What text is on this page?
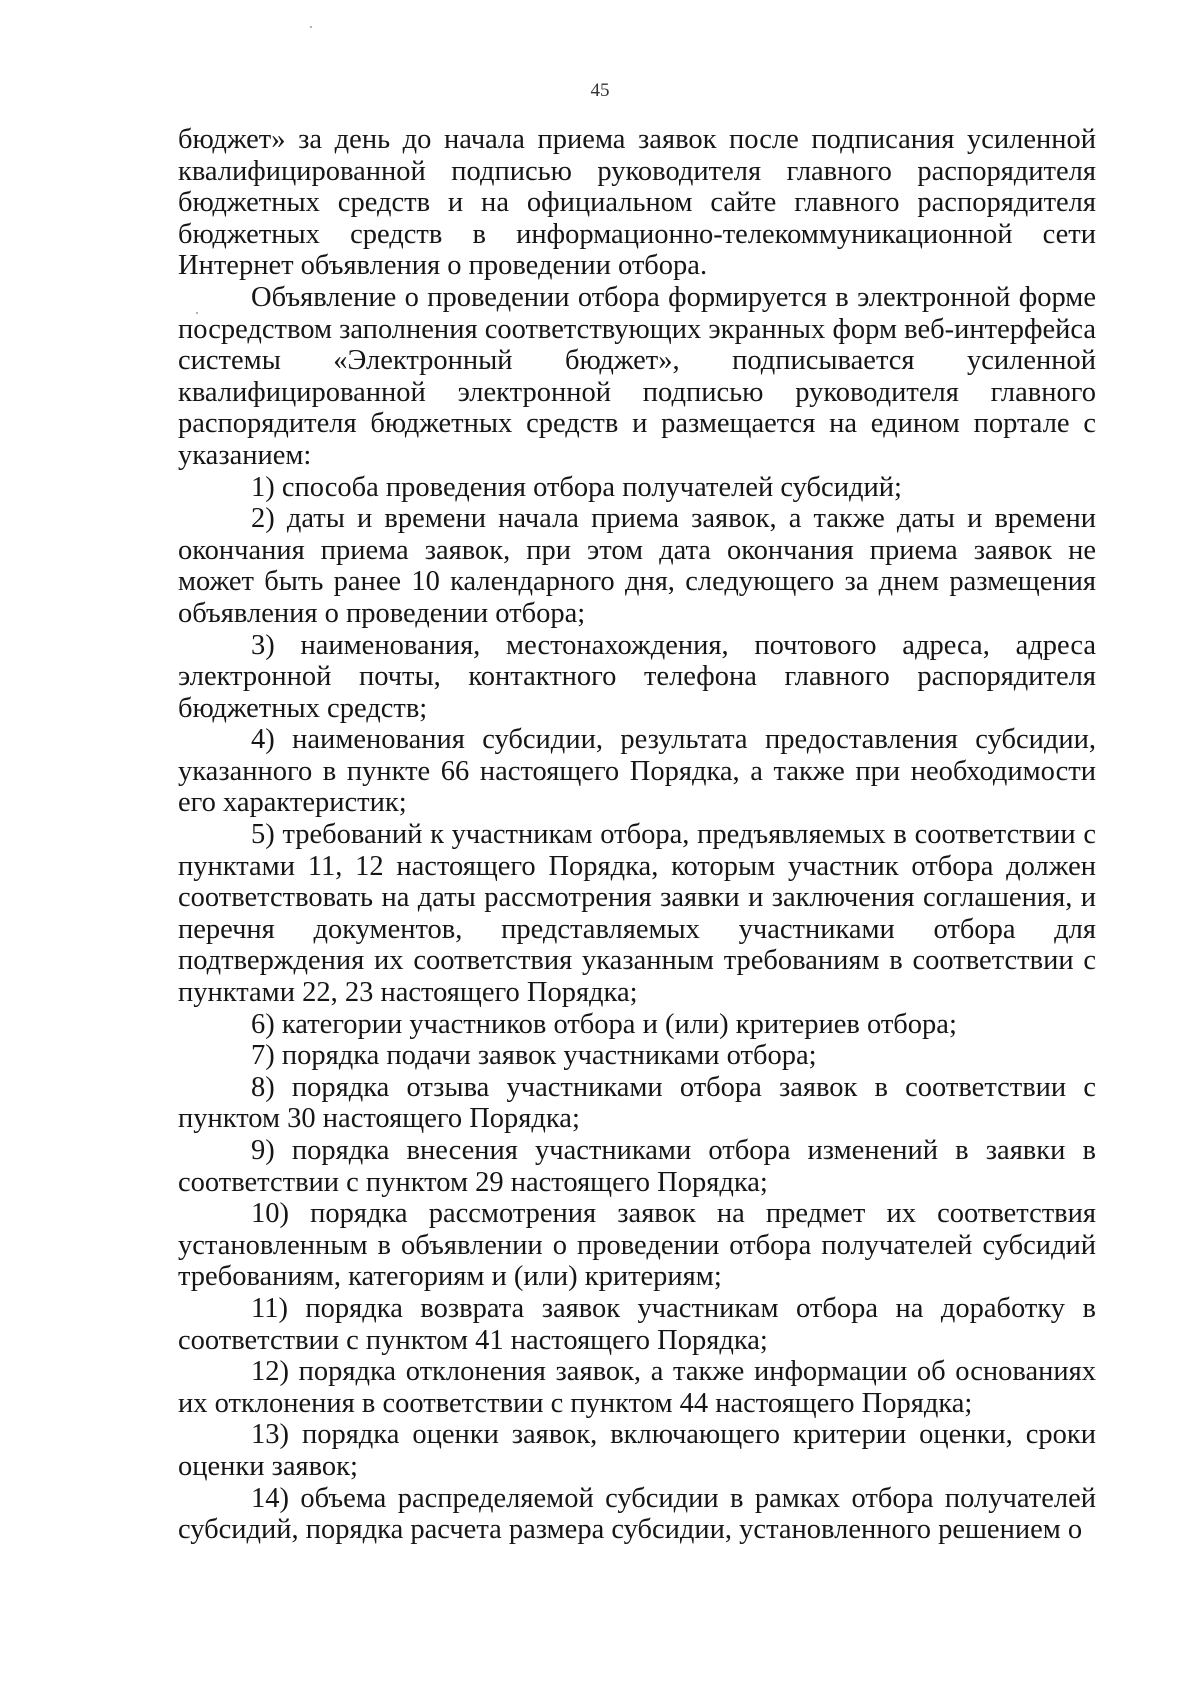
45

бюджет» за день до начала приема заявок после подписания усиленной квалифицированной подписью руководителя главного распорядителя бюджетных средств и на официальном сайте главного распорядителя бюджетных средств в информационно-телекоммуникационной сети Интернет объявления о проведении отбора.

Объявление о проведении отбора формируется в электронной форме посредством заполнения соответствующих экранных форм веб-интерфейса системы «Электронный бюджет», подписывается усиленной квалифицированной электронной подписью руководителя главного распорядителя бюджетных средств и размещается на едином портале с указанием:

1) способа проведения отбора получателей субсидий;

2) даты и времени начала приема заявок, а также даты и времени окончания приема заявок, при этом дата окончания приема заявок не может быть ранее 10 календарного дня, следующего за днем размещения объявления о проведении отбора;

3) наименования, местонахождения, почтового адреса, адреса электронной почты, контактного телефона главного распорядителя бюджетных средств;

4) наименования субсидии, результата предоставления субсидии, указанного в пункте 66 настоящего Порядка, а также при необходимости его характеристик;

5) требований к участникам отбора, предъявляемых в соответствии с пунктами 11, 12 настоящего Порядка, которым участник отбора должен соответствовать на даты рассмотрения заявки и заключения соглашения, и перечня документов, представляемых участниками отбора для подтверждения их соответствия указанным требованиям в соответствии с пунктами 22, 23 настоящего Порядка;

6) категории участников отбора и (или) критериев отбора;

7) порядка подачи заявок участниками отбора;

8) порядка отзыва участниками отбора заявок в соответствии с пунктом 30 настоящего Порядка;

9) порядка внесения участниками отбора изменений в заявки в соответствии с пунктом 29 настоящего Порядка;

10) порядка рассмотрения заявок на предмет их соответствия установленным в объявлении о проведении отбора получателей субсидий требованиям, категориям и (или) критериям;

11) порядка возврата заявок участникам отбора на доработку в соответствии с пунктом 41 настоящего Порядка;

12) порядка отклонения заявок, а также информации об основаниях их отклонения в соответствии с пунктом 44 настоящего Порядка;

13) порядка оценки заявок, включающего критерии оценки, сроки оценки заявок;

14) объема распределяемой субсидии в рамках отбора получателей субсидий, порядка расчета размера субсидии, установленного решением о
